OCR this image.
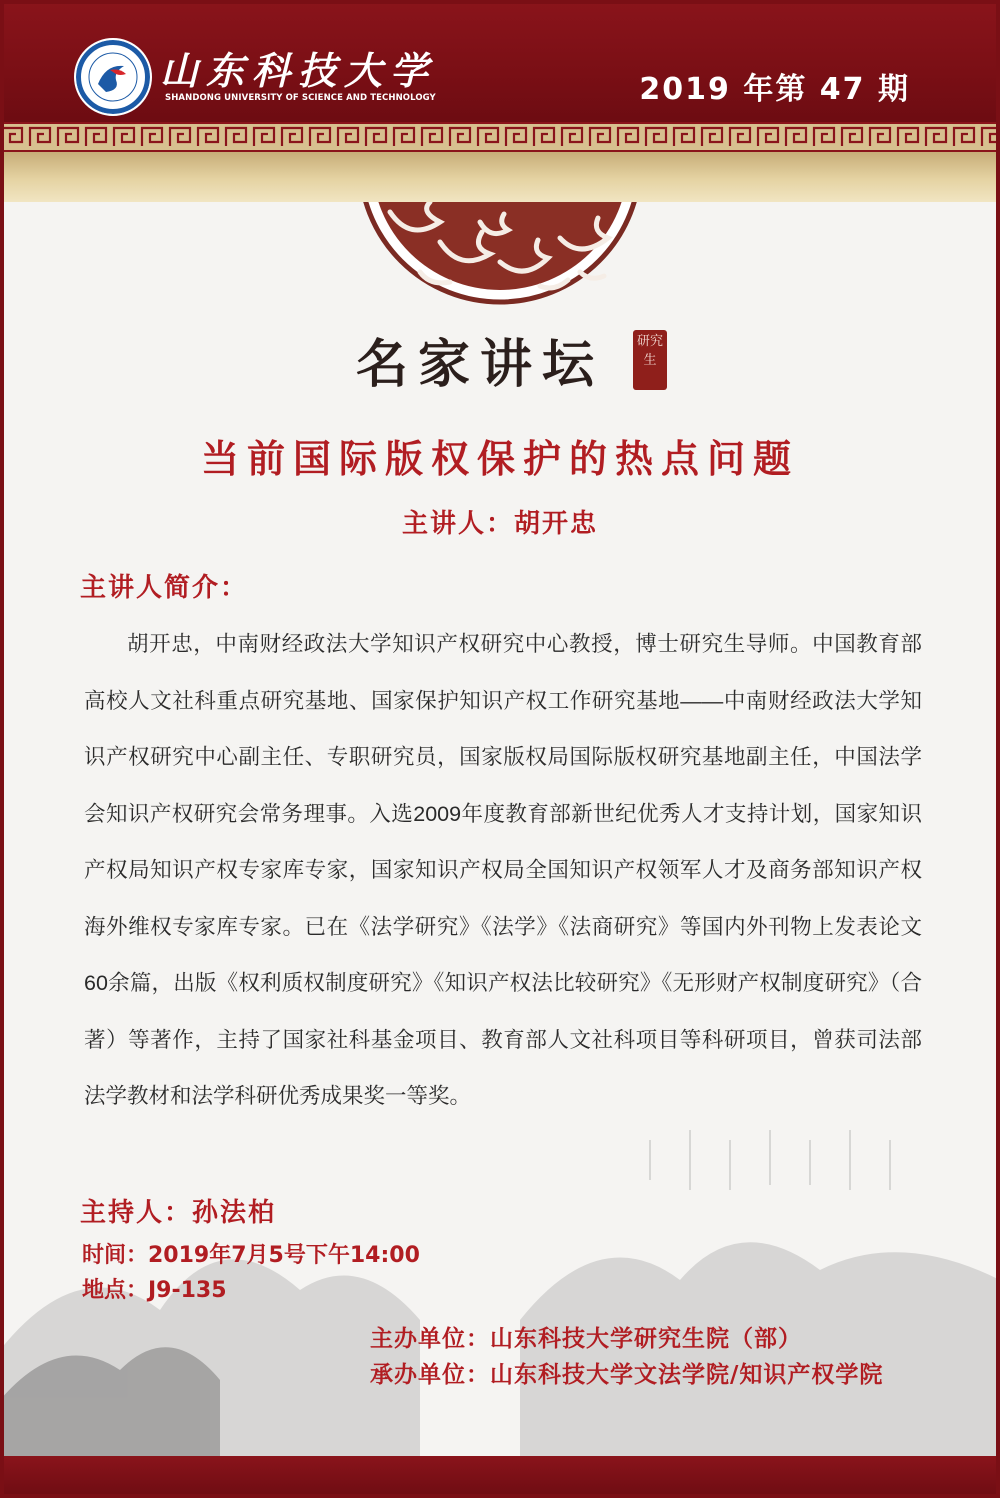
山东科技大学
SHANDONG UNIVERSITY OF SCIENCE AND TECHNOLOGY	2019 年第 47 期
名家讲坛	研究生
当前国际版权保护的热点问题
主讲人：胡开忠
主讲人简介：
胡开忠，中南财经政法大学知识产权研究中心教授，博士研究生导师。中国教育部高校人文社科重点研究基地、国家保护知识产权工作研究基地——中南财经政法大学知识产权研究中心副主任、专职研究员，国家版权局国际版权研究基地副主任，中国法学会知识产权研究会常务理事。入选2009年度教育部新世纪优秀人才支持计划，国家知识产权局知识产权专家库专家，国家知识产权局全国知识产权领军人才及商务部知识产权海外维权专家库专家。已在《法学研究》《法学》《法商研究》等国内外刊物上发表论文60余篇，出版《权利质权制度研究》《知识产权法比较研究》《无形财产权制度研究》（合著）等著作，主持了国家社科基金项目、教育部人文社科项目等科研项目，曾获司法部法学教材和法学科研优秀成果奖一等奖。
主持人：孙法柏
时间：2019年7月5号下午14:00
地点：J9-135
主办单位：山东科技大学研究生院（部）
承办单位：山东科技大学文法学院/知识产权学院
